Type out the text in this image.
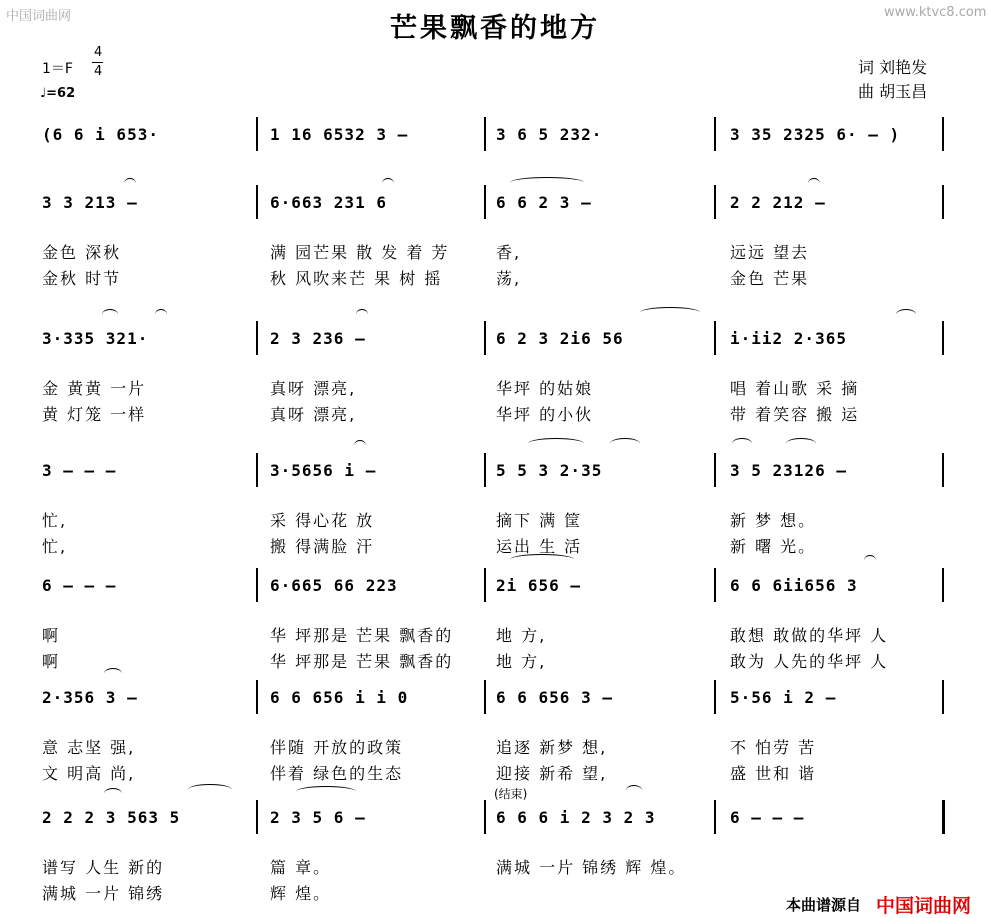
中国词曲网	www.ktvc8.com
芒果飘香的地方
1＝F
4
4
♩=62
词 刘艳发
曲 胡玉昌
(6 6 i 653·	1 16 6532 3 –	3 6 5 232·	3 35 2325 6· – )
3 3 213 –	6·663 231 6	6 6 2 3 –	2 2 212 –
金色 深秋	满 园芒果 散 发 着 芳	香,	远远 望去
金秋 时节	秋 风吹来芒 果 树 摇	荡,	金色 芒果
3·335 321·	2 3 236 –	6 2 3 2i6 56	i·ii2 2·365
金 黄黄 一片	真呀 漂亮,	华坪 的姑娘	唱 着山歌 采 摘
黄 灯笼 一样	真呀 漂亮,	华坪 的小伙	带 着笑容 搬 运
3 – – –	3·5656 i –	5 5 3 2·35	3 5 23126 –
忙,	采 得心花 放	摘下 满 筐	新 梦 想。
忙,	搬 得满脸 汗	运出 生 活	新 曙 光。
6 – – –	6·665 66 223	2i 656 –	6 6 6ii656 3
啊	华 坪那是 芒果 飘香的	地 方,	敢想 敢做的华坪 人
啊	华 坪那是 芒果 飘香的	地 方,	敢为 人先的华坪 人
2·356 3 –	6 6 656 i i 0	6 6 656 3 –	5·56 i 2 –
意 志坚 强,	伴随 开放的政策	追逐 新梦 想,	不 怕劳 苦
文 明高 尚,	伴着 绿色的生态	迎接 新希 望,	盛 世和 谐
2 2 2 3 563 5	2 3 5 6 –	6 6 6 i 2 3 2 3	6 – – –
谱写 人生 新的	篇 章。	满城 一片 锦绣 辉 煌。
满城 一片 锦绣	辉 煌。
(结束)
本曲谱源自 中国词曲网
